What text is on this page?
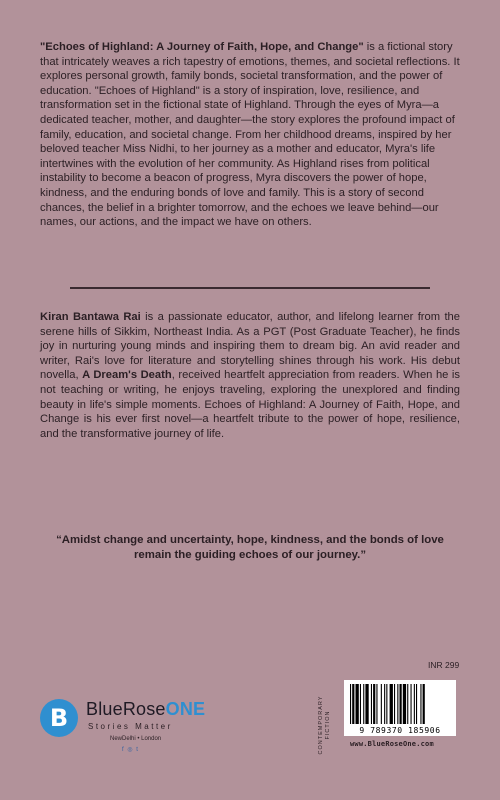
"Echoes of Highland: A Journey of Faith, Hope, and Change" is a fictional story that intricately weaves a rich tapestry of emotions, themes, and societal reflections. It explores personal growth, family bonds, societal transformation, and the power of education. "Echoes of Highland" is a story of inspiration, love, resilience, and transformation set in the fictional state of Highland. Through the eyes of Myra—a dedicated teacher, mother, and daughter—the story explores the profound impact of family, education, and societal change. From her childhood dreams, inspired by her beloved teacher Miss Nidhi, to her journey as a mother and educator, Myra's life intertwines with the evolution of her community. As Highland rises from political instability to become a beacon of progress, Myra discovers the power of hope, kindness, and the enduring bonds of love and family. This is a story of second chances, the belief in a brighter tomorrow, and the echoes we leave behind—our names, our actions, and the impact we have on others.
Kiran Bantawa Rai is a passionate educator, author, and lifelong learner from the serene hills of Sikkim, Northeast India. As a PGT (Post Graduate Teacher), he finds joy in nurturing young minds and inspiring them to dream big. An avid reader and writer, Rai's love for literature and storytelling shines through his work. His debut novella, A Dream's Death, received heartfelt appreciation from readers. When he is not teaching or writing, he enjoys traveling, exploring the unexplored and finding beauty in life's simple moments. Echoes of Highland: A Journey of Faith, Hope, and Change is his ever first novel—a heartfelt tribute to the power of hope, resilience, and the transformative journey of life.
“Amidst change and uncertainty, hope, kindness, and the bonds of love remain the guiding echoes of our journey.”
B BlueRoseONE
Stories Matter
NewDelhi • London
f ◎ t	CONTEMPORARY FICTION
INR 299
9 789370 185906
www.BlueRoseOne.com
